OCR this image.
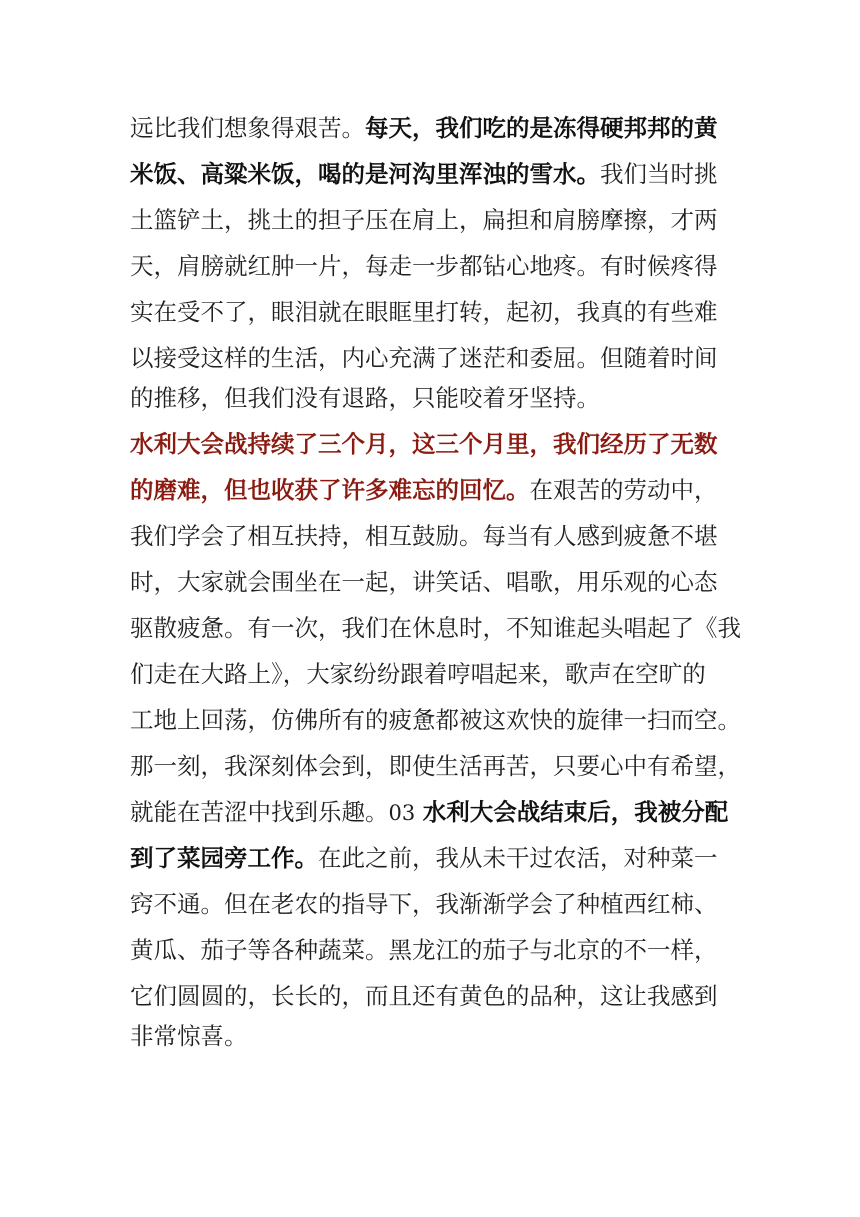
远比我们想象得艰苦。每天，我们吃的是冻得硬邦邦的黄
米饭、高粱米饭，喝的是河沟里浑浊的雪水。我们当时挑
土篮铲土，挑土的担子压在肩上，扁担和肩膀摩擦，才两
天，肩膀就红肿一片，每走一步都钻心地疼。有时候疼得
实在受不了，眼泪就在眼眶里打转，起初，我真的有些难
以接受这样的生活，内心充满了迷茫和委屈。但随着时间
的推移，但我们没有退路，只能咬着牙坚持。
水利大会战持续了三个月，这三个月里，我们经历了无数
的磨难，但也收获了许多难忘的回忆。在艰苦的劳动中，
我们学会了相互扶持，相互鼓励。每当有人感到疲惫不堪
时，大家就会围坐在一起，讲笑话、唱歌，用乐观的心态
驱散疲惫。有一次，我们在休息时，不知谁起头唱起了《我
们走在大路上》，大家纷纷跟着哼唱起来，歌声在空旷的
工地上回荡，仿佛所有的疲惫都被这欢快的旋律一扫而空。
那一刻，我深刻体会到，即使生活再苦，只要心中有希望，
就能在苦涩中找到乐趣。03 水利大会战结束后，我被分配
到了菜园旁工作。在此之前，我从未干过农活，对种菜一
窍不通。但在老农的指导下，我渐渐学会了种植西红柿、
黄瓜、茄子等各种蔬菜。黑龙江的茄子与北京的不一样，
它们圆圆的，长长的，而且还有黄色的品种，这让我感到
非常惊喜。
